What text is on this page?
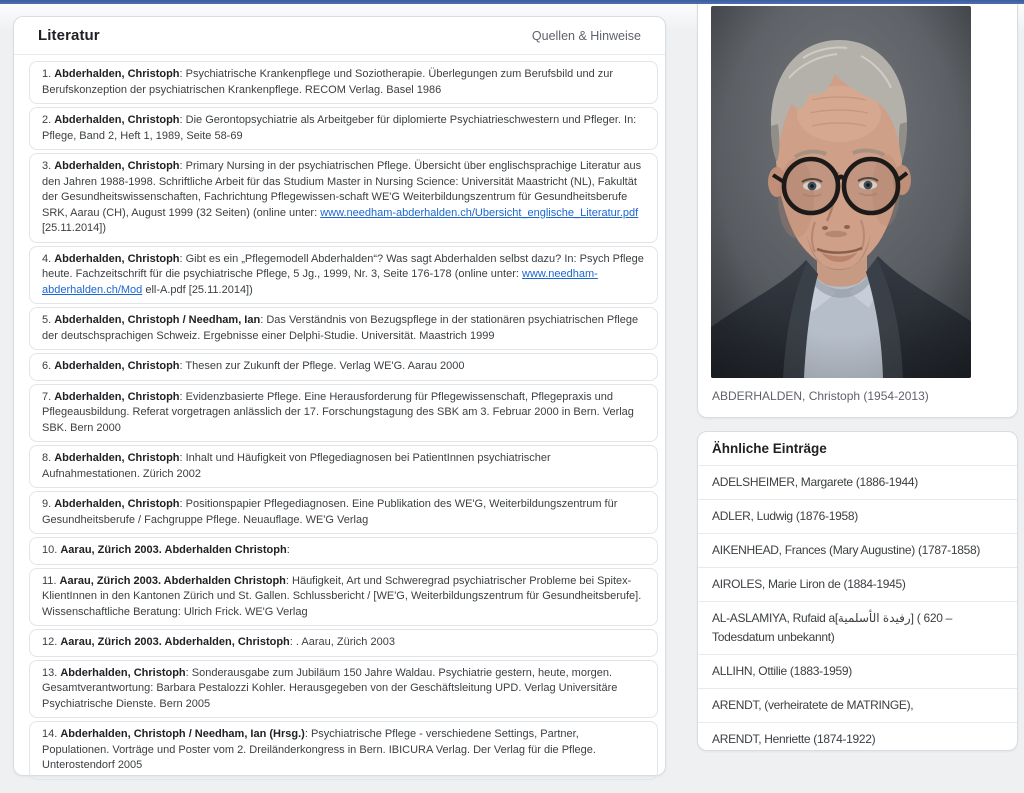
Literatur	Quellen & Hinweise
1. Abderhalden, Christoph: Psychiatrische Krankenpflege und Soziotherapie. Überlegungen zum Berufsbild und zur Berufskonzeption der psychiatrischen Krankenpflege. RECOM Verlag. Basel 1986
2. Abderhalden, Christoph: Die Gerontopsychiatrie als Arbeitgeber für diplomierte Psychiatrieschwestern und Pfleger. In: Pflege, Band 2, Heft 1, 1989, Seite 58-69
3. Abderhalden, Christoph: Primary Nursing in der psychiatrischen Pflege. Übersicht über englischsprachige Literatur aus den Jahren 1988-1998. Schriftliche Arbeit für das Studium Master in Nursing Science: Universität Maastricht (NL), Fakultät der Gesundheitswissenschaften, Fachrichtung Pflegewissen-schaft WE'G Weiterbildungszentrum für Gesundheitsberufe SRK, Aarau (CH), August 1999 (32 Seiten) (online unter: www.needham-abderhalden.ch/Ubersicht_englische_Literatur.pdf [25.11.2014])
4. Abderhalden, Christoph: Gibt es ein „Pflegemodell Abderhalden“? Was sagt Abderhalden selbst dazu? In: Psych Pflege heute. Fachzeitschrift für die psychiatrische Pflege, 5 Jg., 1999, Nr. 3, Seite 176-178 (online unter: www.needham-abderhalden.ch/Mod ell-A.pdf [25.11.2014])
5. Abderhalden, Christoph / Needham, Ian: Das Verständnis von Bezugspflege in der stationären psychiatrischen Pflege der deutschsprachigen Schweiz. Ergebnisse einer Delphi-Studie. Universität. Maastrich 1999
6. Abderhalden, Christoph: Thesen zur Zukunft der Pflege. Verlag WE'G. Aarau 2000
7. Abderhalden, Christoph: Evidenzbasierte Pflege. Eine Herausforderung für Pflegewissenschaft, Pflegepraxis und Pflegeausbildung. Referat vorgetragen anlässlich der 17. Forschungstagung des SBK am 3. Februar 2000 in Bern. Verlag SBK. Bern 2000
8. Abderhalden, Christoph: Inhalt und Häufigkeit von Pflegediagnosen bei PatientInnen psychiatrischer Aufnahmestationen. Zürich 2002
9. Abderhalden, Christoph: Positionspapier Pflegediagnosen. Eine Publikation des WE'G, Weiterbildungszentrum für Gesundheitsberufe / Fachgruppe Pflege. Neuauflage. WE'G Verlag
10. Aarau, Zürich 2003. Abderhalden Christoph:
11. Aarau, Zürich 2003. Abderhalden Christoph: Häufigkeit, Art und Schweregrad psychiatrischer Probleme bei Spitex-KlientInnen in den Kantonen Zürich und St. Gallen. Schlussbericht / [WE'G, Weiterbildungszentrum für Gesundheitsberufe]. Wissenschaftliche Beratung: Ulrich Frick. WE'G Verlag
12. Aarau, Zürich 2003. Abderhalden, Christoph: . Aarau, Zürich 2003
13. Abderhalden, Christoph: Sonderausgabe zum Jubiläum 150 Jahre Waldau. Psychiatrie gestern, heute, morgen. Gesamtverantwortung: Barbara Pestalozzi Kohler. Herausgegeben von der Geschäftsleitung UPD. Verlag Universitäre Psychiatrische Dienste. Bern 2005
14. Abderhalden, Christoph / Needham, Ian (Hrsg.): Psychiatrische Pflege - verschiedene Settings, Partner, Populationen. Vorträge und Poster vom 2. Dreiländerkongress in Bern. IBICURA Verlag. Der Verlag für die Pflege. Unterostendorf 2005

ABDERHALDEN, Christoph (1954-2013)

Ähnliche Einträge
ADELSHEIMER, Margarete (1886-1944)
ADLER, Ludwig (1876-1958)
AIKENHEAD, Frances (Mary Augustine) (1787-1858)
AIROLES, Marie Liron de (1884-1945)
AL-ASLAMIYA, Rufaid a[رفيدة الأسلمية] ( 620 – Todesdatum unbekannt)
ALLIHN, Ottilie (1883-1959)
ARENDT, (verheiratete de MATRINGE),
ARENDT, Henriette (1874-1922)
